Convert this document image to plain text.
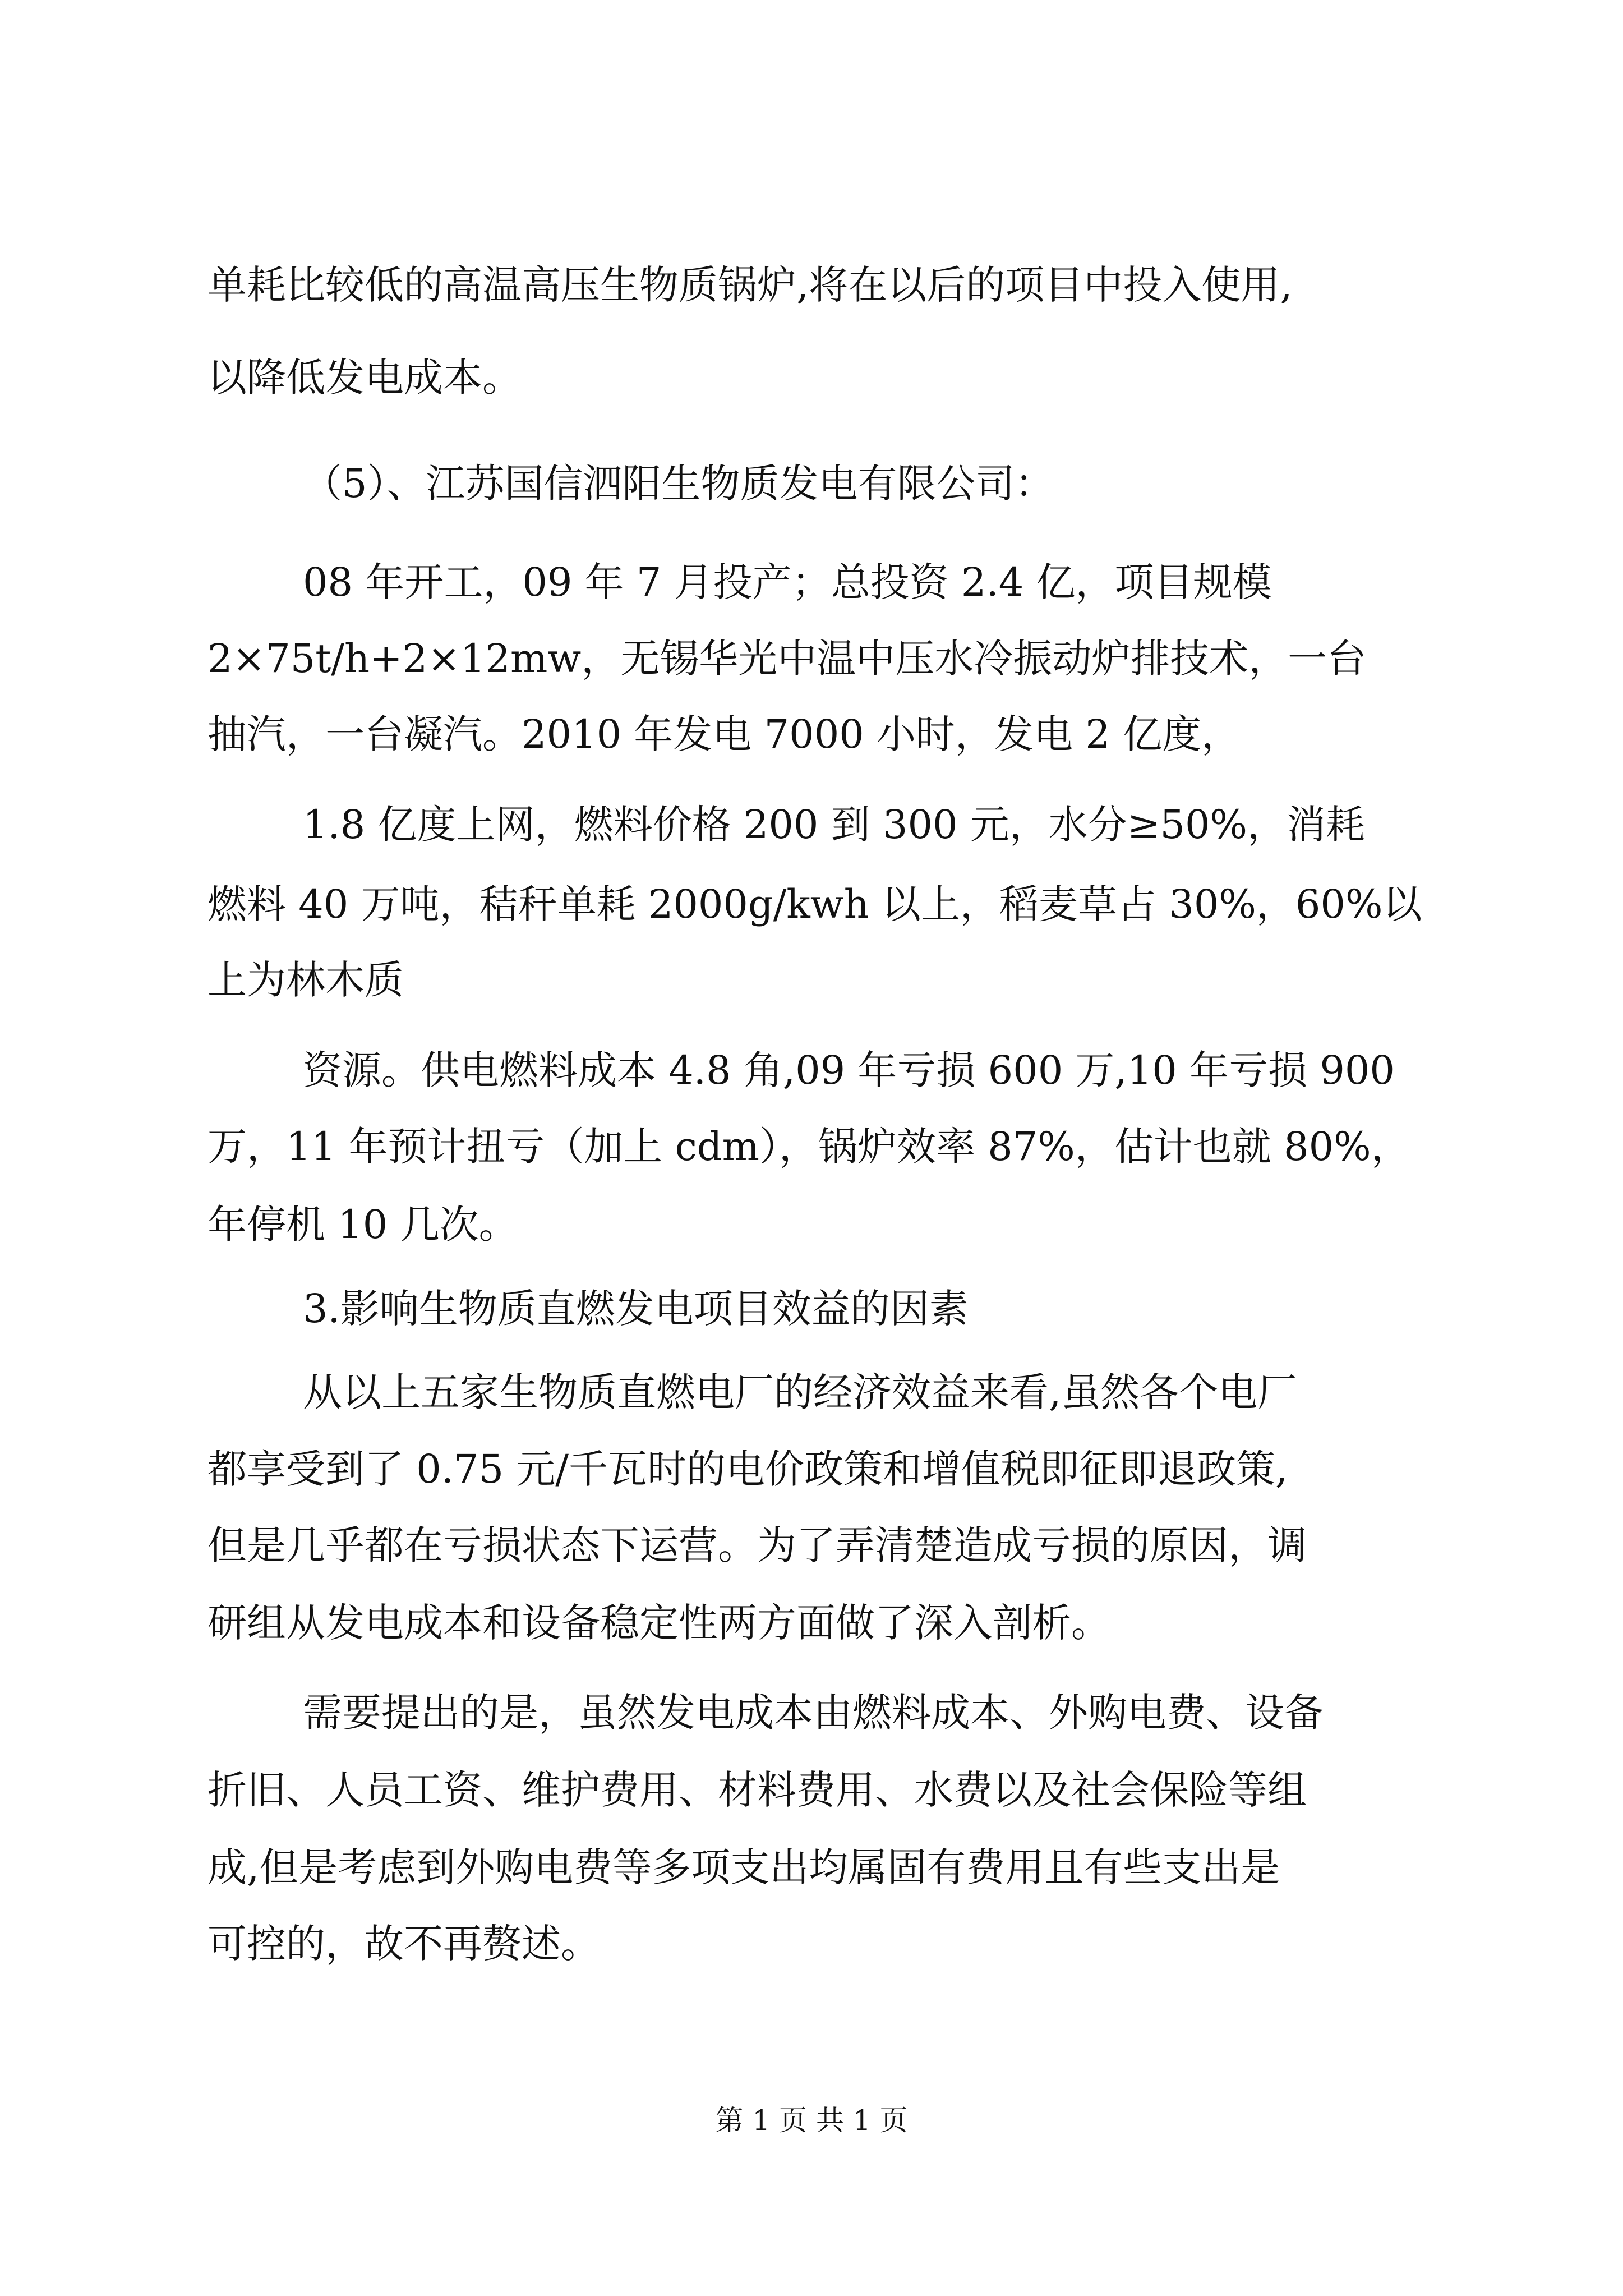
单耗比较低的高温高压生物质锅炉,将在以后的项目中投入使用,
以降低发电成本。
（5）、江苏国信泗阳生物质发电有限公司：
08 年开工，09 年 7 月投产；总投资 2.4 亿，项目规模
2×75t/h+2×12mw，无锡华光中温中压水冷振动炉排技术，一台
抽汽，一台凝汽。2010 年发电 7000 小时，发电 2 亿度，
1.8 亿度上网，燃料价格 200 到 300 元，水分≥50%，消耗
燃料 40 万吨，秸秆单耗 2000g/kwh 以上，稻麦草占 30%，60%以
上为林木质
资源。供电燃料成本 4.8 角,09 年亏损 600 万,10 年亏损 900
万，11 年预计扭亏（加上 cdm），锅炉效率 87%，估计也就 80%，
年停机 10 几次。
3.影响生物质直燃发电项目效益的因素
从以上五家生物质直燃电厂的经济效益来看,虽然各个电厂
都享受到了 0.75 元/千瓦时的电价政策和增值税即征即退政策,
但是几乎都在亏损状态下运营。为了弄清楚造成亏损的原因，调
研组从发电成本和设备稳定性两方面做了深入剖析。
需要提出的是，虽然发电成本由燃料成本、外购电费、设备
折旧、人员工资、维护费用、材料费用、水费以及社会保险等组
成,但是考虑到外购电费等多项支出均属固有费用且有些支出是
可控的，故不再赘述。
第 1 页 共 1 页
